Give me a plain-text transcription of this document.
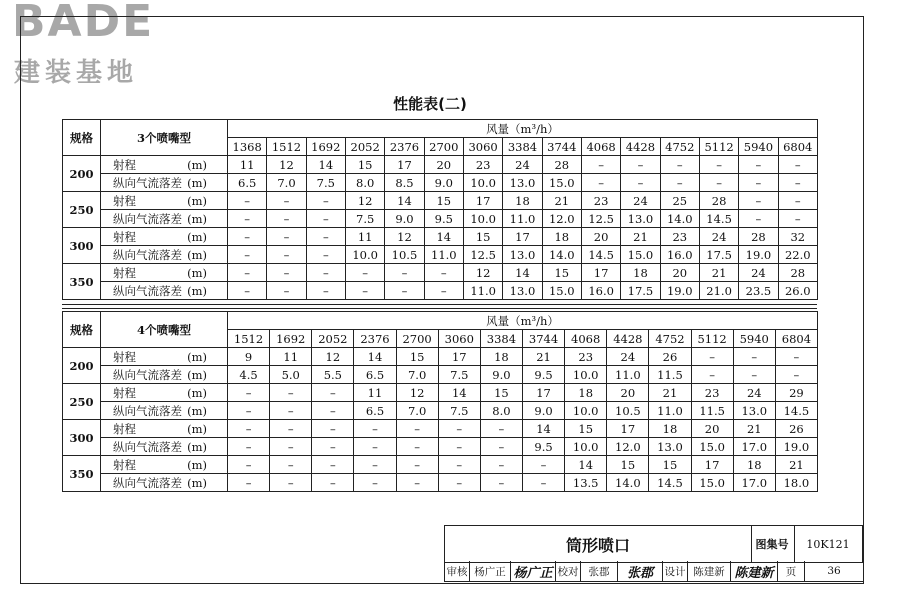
BADE
建装基地
性能表(二)
规格	3个喷嘴型	风量（m³/h）														
		1368	1512	1692	2052	2376	2700	3060	3384	3744	4068	4428	4752	5112	5940	6804
200	射程 (m)	11	12	14	15	17	20	23	24	28	–	–	–	–	–	–
	纵向气流落差 (m)	6.5	7.0	7.5	8.0	8.5	9.0	10.0	13.0	15.0	–	–	–	–	–	–
250	射程 (m)	–	–	–	12	14	15	17	18	21	23	24	25	28	–	–
	纵向气流落差 (m)	–	–	–	7.5	9.0	9.5	10.0	11.0	12.0	12.5	13.0	14.0	14.5	–	–
300	射程 (m)	–	–	–	11	12	14	15	17	18	20	21	23	24	28	32
	纵向气流落差 (m)	–	–	–	10.0	10.5	11.0	12.5	13.0	14.0	14.5	15.0	16.0	17.5	19.0	22.0
350	射程 (m)	–	–	–	–	–	–	12	14	15	17	18	20	21	24	28
	纵向气流落差 (m)	–	–	–	–	–	–	11.0	13.0	15.0	16.0	17.5	19.0	21.0	23.5	26.0
规格	4个喷嘴型	风量（m³/h）													
		1512	1692	2052	2376	2700	3060	3384	3744	4068	4428	4752	5112	5940	6804
200	射程 (m)	9	11	12	14	15	17	18	21	23	24	26	–	–	–
	纵向气流落差 (m)	4.5	5.0	5.5	6.5	7.0	7.5	9.0	9.5	10.0	11.0	11.5	–	–	–
250	射程 (m)	–	–	–	11	12	14	15	17	18	20	21	23	24	29
	纵向气流落差 (m)	–	–	–	6.5	7.0	7.5	8.0	9.0	10.0	10.5	11.0	11.5	13.0	14.5
300	射程 (m)	–	–	–	–	–	–	–	14	15	17	18	20	21	26
	纵向气流落差 (m)	–	–	–	–	–	–	–	9.5	10.0	12.0	13.0	15.0	17.0	19.0
350	射程 (m)	–	–	–	–	–	–	–	–	14	15	15	17	18	21
	纵向气流落差 (m)	–	–	–	–	–	–	–	–	13.5	14.0	14.5	15.0	17.0	18.0
筒形喷口	图集号	10K121
审核 杨广正 杨广正 校对 张郡	张郡	设计 陈建新 陈建新	页	36
